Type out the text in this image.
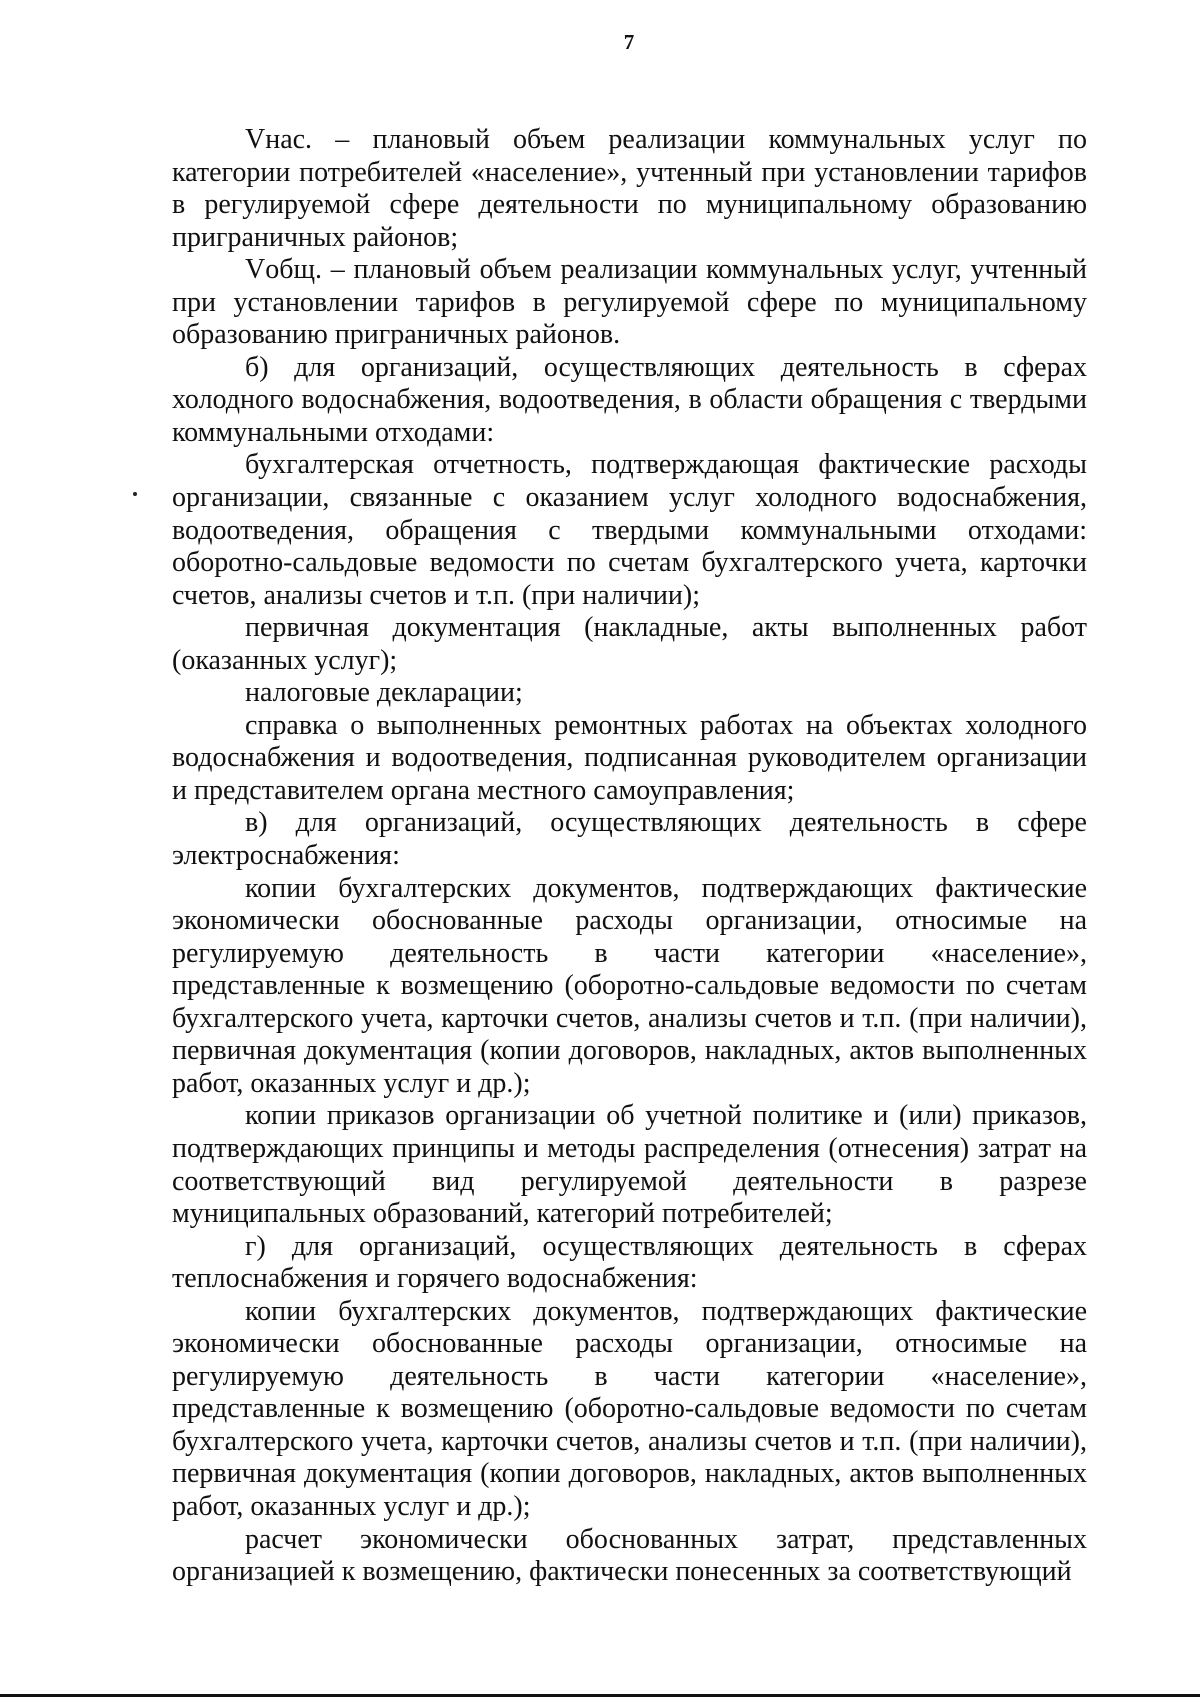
7

Vнас. – плановый объем реализации коммунальных услуг по категории потребителей «население», учтенный при установлении тарифов в регулируемой сфере деятельности по муниципальному образованию приграничных районов;

Vобщ. – плановый объем реализации коммунальных услуг, учтенный при установлении тарифов в регулируемой сфере по муниципальному образованию приграничных районов.

б) для организаций, осуществляющих деятельность в сферах холодного водоснабжения, водоотведения, в области обращения с твердыми коммунальными отходами:

бухгалтерская отчетность, подтверждающая фактические расходы организации, связанные с оказанием услуг холодного водоснабжения, водоотведения, обращения с твердыми коммунальными отходами: оборотно-сальдовые ведомости по счетам бухгалтерского учета, карточки счетов, анализы счетов и т.п. (при наличии);

первичная документация (накладные, акты выполненных работ (оказанных услуг);

налоговые декларации;

справка о выполненных ремонтных работах на объектах холодного водоснабжения и водоотведения, подписанная руководителем организации и представителем органа местного самоуправления;

в) для организаций, осуществляющих деятельность в сфере электроснабжения:

копии бухгалтерских документов, подтверждающих фактические экономически обоснованные расходы организации, относимые на регулируемую деятельность в части категории «население», представленные к возмещению (оборотно-сальдовые ведомости по счетам бухгалтерского учета, карточки счетов, анализы счетов и т.п. (при наличии), первичная документация (копии договоров, накладных, актов выполненных работ, оказанных услуг и др.);

копии приказов организации об учетной политике и (или) приказов, подтверждающих принципы и методы распределения (отнесения) затрат на соответствующий вид регулируемой деятельности в разрезе муниципальных образований, категорий потребителей;

г) для организаций, осуществляющих деятельность в сферах теплоснабжения и горячего водоснабжения:

копии бухгалтерских документов, подтверждающих фактические экономически обоснованные расходы организации, относимые на регулируемую деятельность в части категории «население», представленные к возмещению (оборотно-сальдовые ведомости по счетам бухгалтерского учета, карточки счетов, анализы счетов и т.п. (при наличии), первичная документация (копии договоров, накладных, актов выполненных работ, оказанных услуг и др.);

расчет экономически обоснованных затрат, представленных организацией к возмещению, фактически понесенных за соответствующий
